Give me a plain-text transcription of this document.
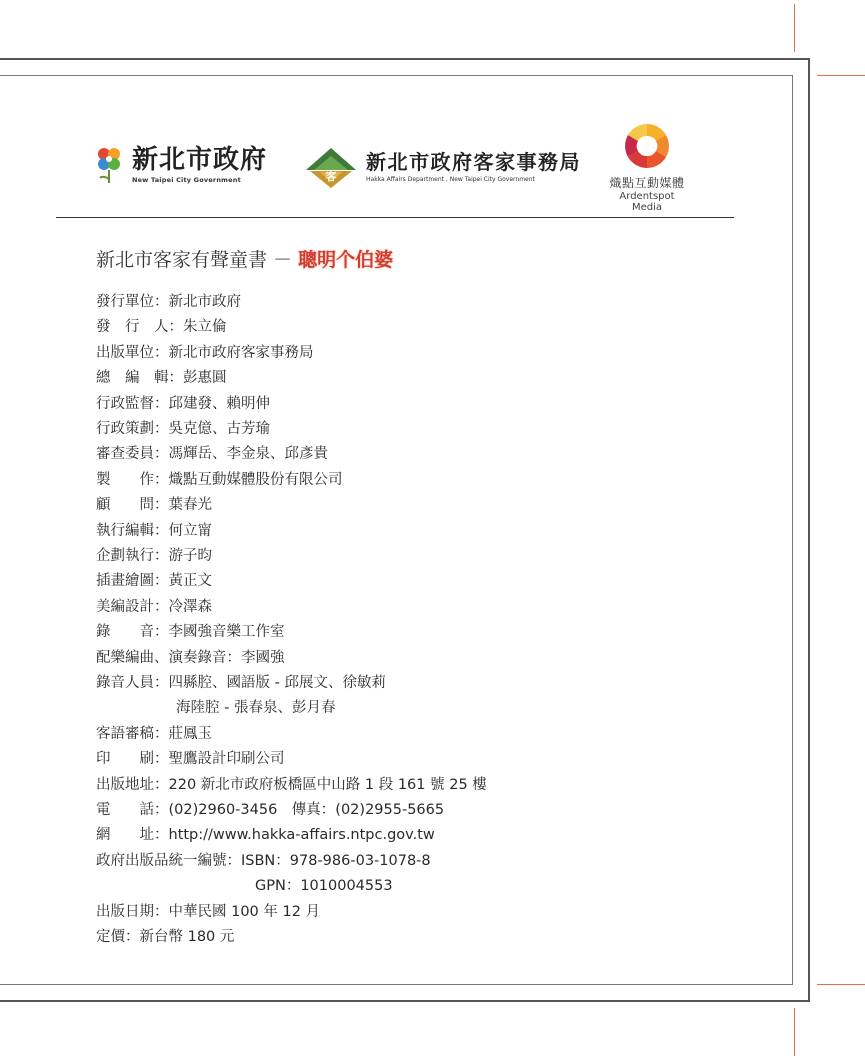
新北市政府
New Taipei City Government	客
新北市政府客家事務局
Hakka Affairs Department , New Taipei City Government	熾點互動媒體
Ardentspot Media
新北市客家有聲童書 － 聰明个伯婆
發行單位：新北市政府
發　行　人：朱立倫
出版單位：新北市政府客家事務局
總　編　輯：彭惠圓
行政監督：邱建發、賴明伸
行政策劃：吳克億、古芳瑜
審查委員：馮輝岳、李金泉、邱彥貴
製　　作：熾點互動媒體股份有限公司
顧　　問：葉春光
執行編輯：何立甯
企劃執行：游子昀
插畫繪圖：黃正文
美編設計：冷澤森
錄　　音：李國強音樂工作室
配樂編曲、演奏錄音：李國強
錄音人員：四縣腔、國語版 - 邱展文、徐敏莉
海陸腔 - 張春泉、彭月春
客語審稿：莊鳳玉
印　　刷：聖鷹設計印刷公司
出版地址：220 新北市政府板橋區中山路 1 段 161 號 25 樓
電　　話：(02)2960-3456　傳真：(02)2955-5665
網　　址：http://www.hakka-affairs.ntpc.gov.tw
政府出版品統一編號：ISBN：978-986-03-1078-8
GPN：1010004553
出版日期：中華民國 100 年 12 月
定價：新台幣 180 元
